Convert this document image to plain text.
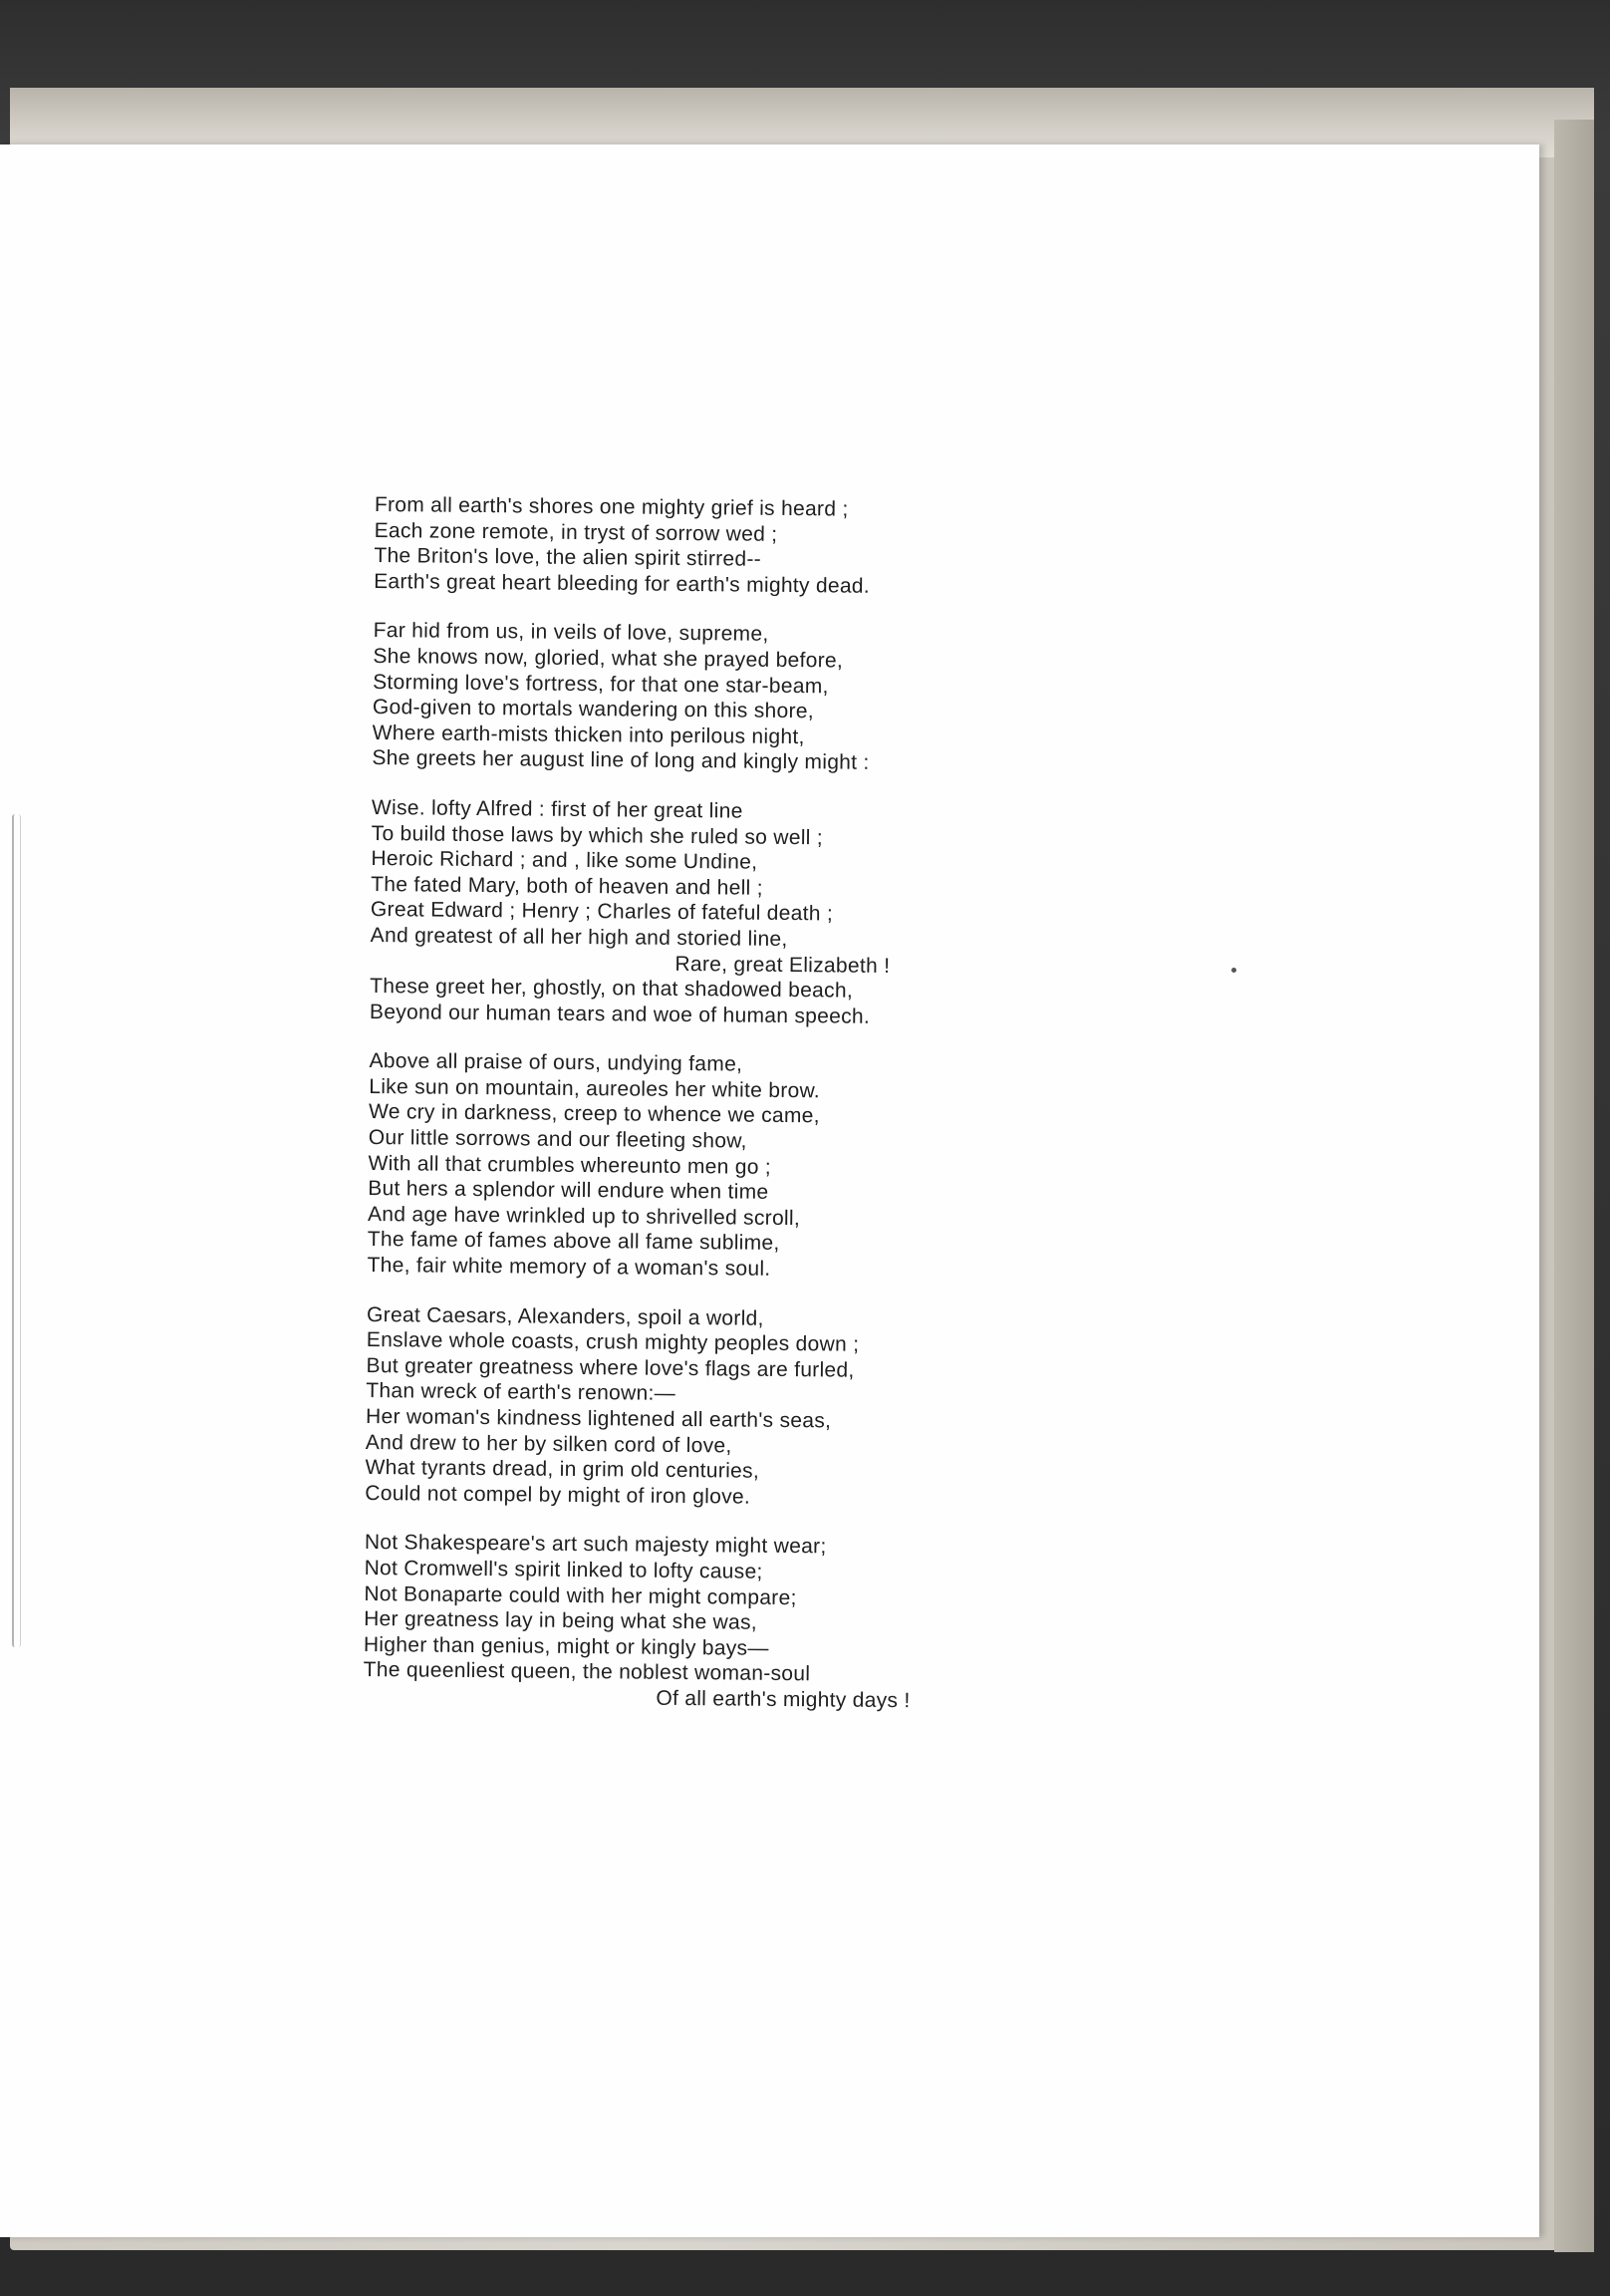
From all earth's shores one mighty grief is heard ;
Each zone remote, in tryst of sorrow wed ;
The Briton's love, the alien spirit stirred--
Earth's great heart bleeding for earth's mighty dead.
Far hid from us, in veils of love, supreme,
She knows now, gloried, what she prayed before,
Storming love's fortress, for that one star-beam,
God-given to mortals wandering on this shore,
Where earth-mists thicken into perilous night,
She greets her august line of long and kingly might :
Wise. lofty Alfred : first of her great line
To build those laws by which she ruled so well ;
Heroic Richard ; and , like some Undine,
The fated Mary, both of heaven and hell ;
Great Edward ; Henry ; Charles of fateful death ;
And greatest of all her high and storied line,
Rare, great Elizabeth !
These greet her, ghostly, on that shadowed beach,
Beyond our human tears and woe of human speech.
Above all praise of ours, undying fame,
Like sun on mountain, aureoles her white brow.
We cry in darkness, creep to whence we came,
Our little sorrows and our fleeting show,
With all that crumbles whereunto men go ;
But hers a splendor will endure when time
And age have wrinkled up to shrivelled scroll,
The fame of fames above all fame sublime,
The, fair white memory of a woman's soul.
Great Caesars, Alexanders, spoil a world,
Enslave whole coasts, crush mighty peoples down ;
But greater greatness where love's flags are furled,
Than wreck of earth's renown:—
Her woman's kindness lightened all earth's seas,
And drew to her by silken cord of love,
What tyrants dread, in grim old centuries,
Could not compel by might of iron glove.
Not Shakespeare's art such majesty might wear;
Not Cromwell's spirit linked to lofty cause;
Not Bonaparte could with her might compare;
Her greatness lay in being what she was,
Higher than genius, might or kingly bays—
The queenliest queen, the noblest woman-soul
Of all earth's mighty days !
